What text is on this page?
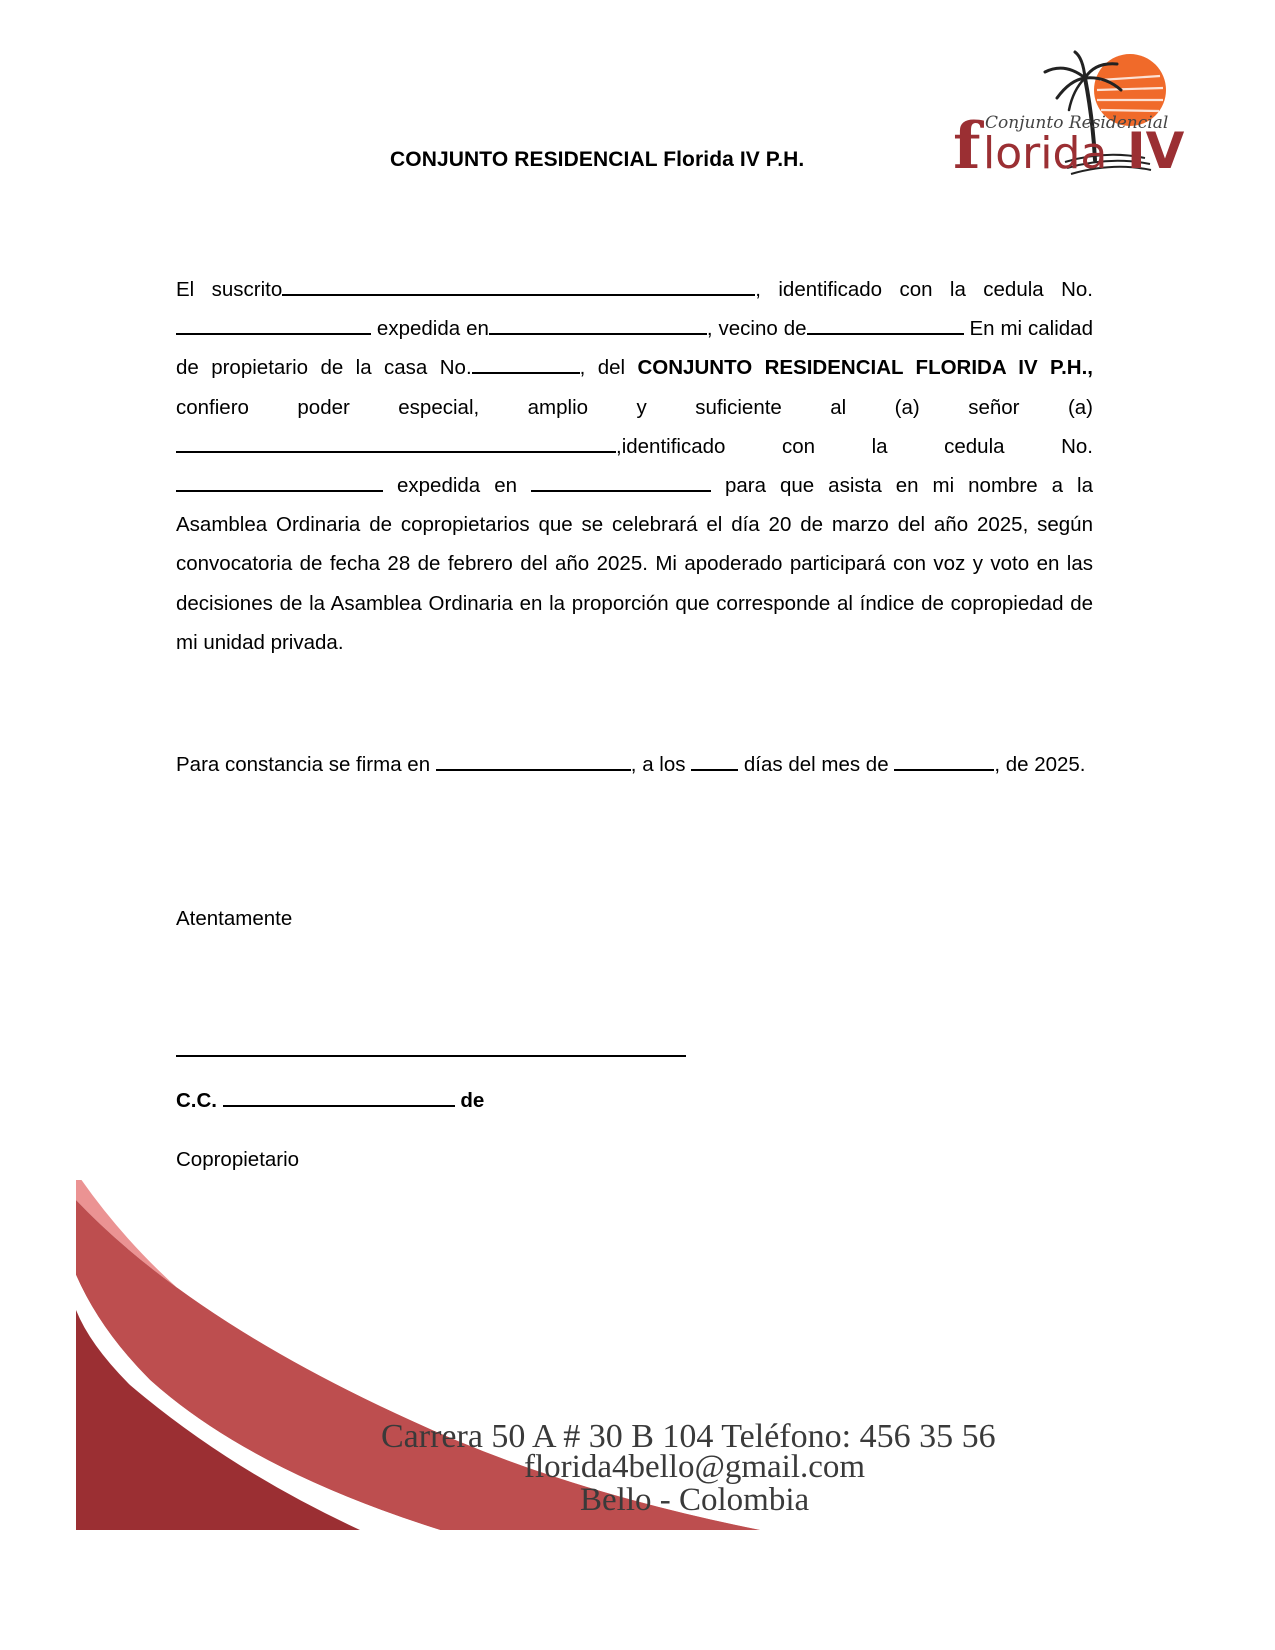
CONJUNTO RESIDENCIAL Florida IV P.H. f lorida IV
Conjunto Residencial

El suscrito	, identificado con la cedula No. expedida en	, vecino de	En mi calidad de propietario de la casa No.	, del CONJUNTO RESIDENCIAL FLORIDA IV P.H., confiero poder especial, amplio y suficiente al (a) señor (a) ,identificado con la cedula No. expedida en	para que asista en mi nombre a la Asamblea Ordinaria de copropietarios que se celebrará el día 20 de marzo del año 2025, según convocatoria de fecha 28 de febrero del año 2025. Mi apoderado participará con voz y voto en las decisiones de la Asamblea Ordinaria en la proporción que corresponde al índice de copropiedad de mi unidad privada.

Para constancia se firma en	, a los  días del mes de	, de 2025.
Atentamente
C.C.	de
Copropietario
Carrera 50 A # 30 B 104 Teléfono: 456 35 56
florida4bello@gmail.com
Bello - Colombia
